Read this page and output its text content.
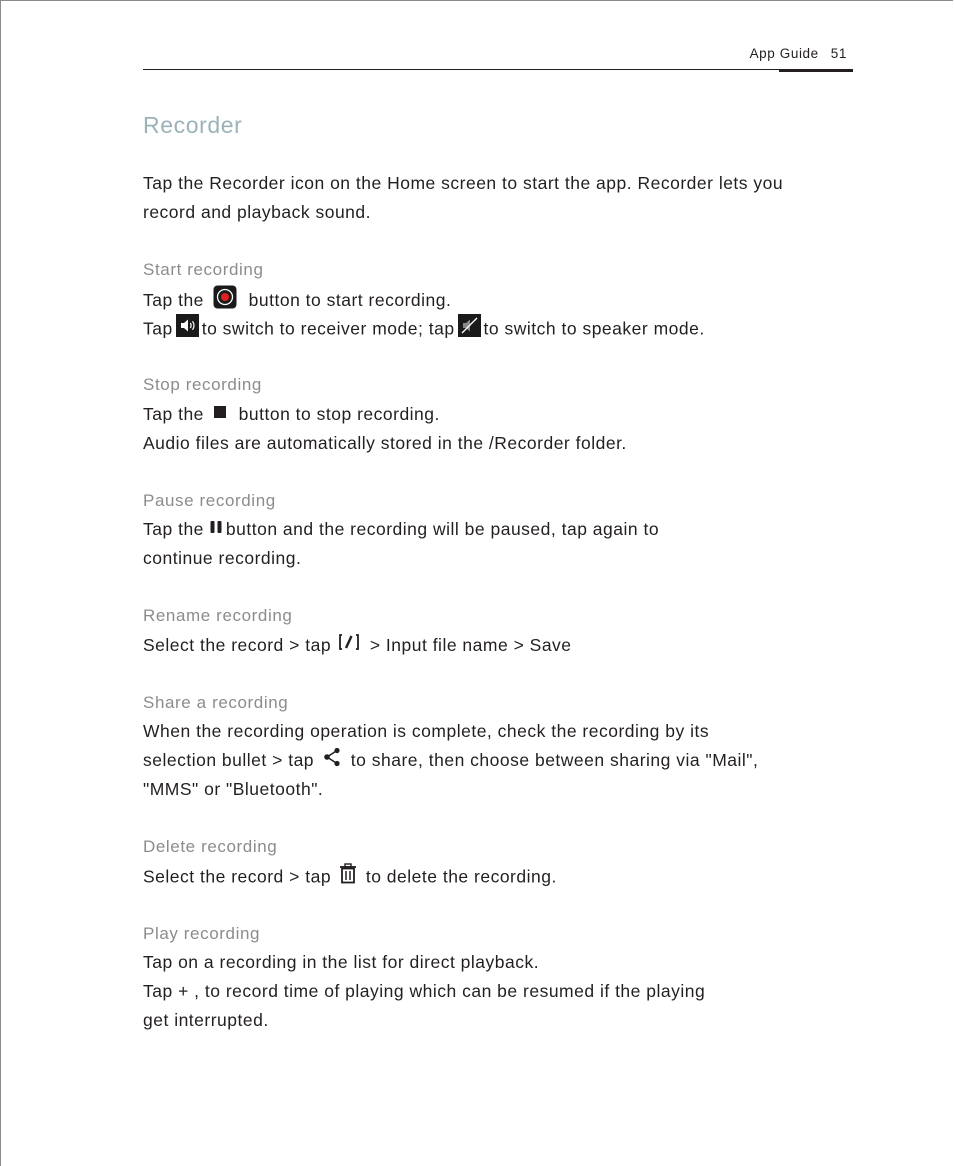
App Guide 51
Recorder
Tap the Recorder icon on the Home screen to start the app. Recorder lets you
record and playback sound.
Start recording
Tap the	button to start recording.
Tap to switch to receiver mode; tap to switch to speaker mode.
Stop recording
Tap the button to stop recording.
Audio files are automatically stored in the /Recorder folder.
Pause recording
Tap the button and the recording will be paused, tap again to
continue recording.
Rename recording
Select the record > tap > Input file name > Save
Share a recording
When the recording operation is complete, check the recording by its
selection bullet > tap to share, then choose between sharing via "Mail",
"MMS" or "Bluetooth".
Delete recording
Select the record > tap to delete the recording.
Play recording
Tap on a recording in the list for direct playback.
Tap + , to record time of playing which can be resumed if the playing
get interrupted.
